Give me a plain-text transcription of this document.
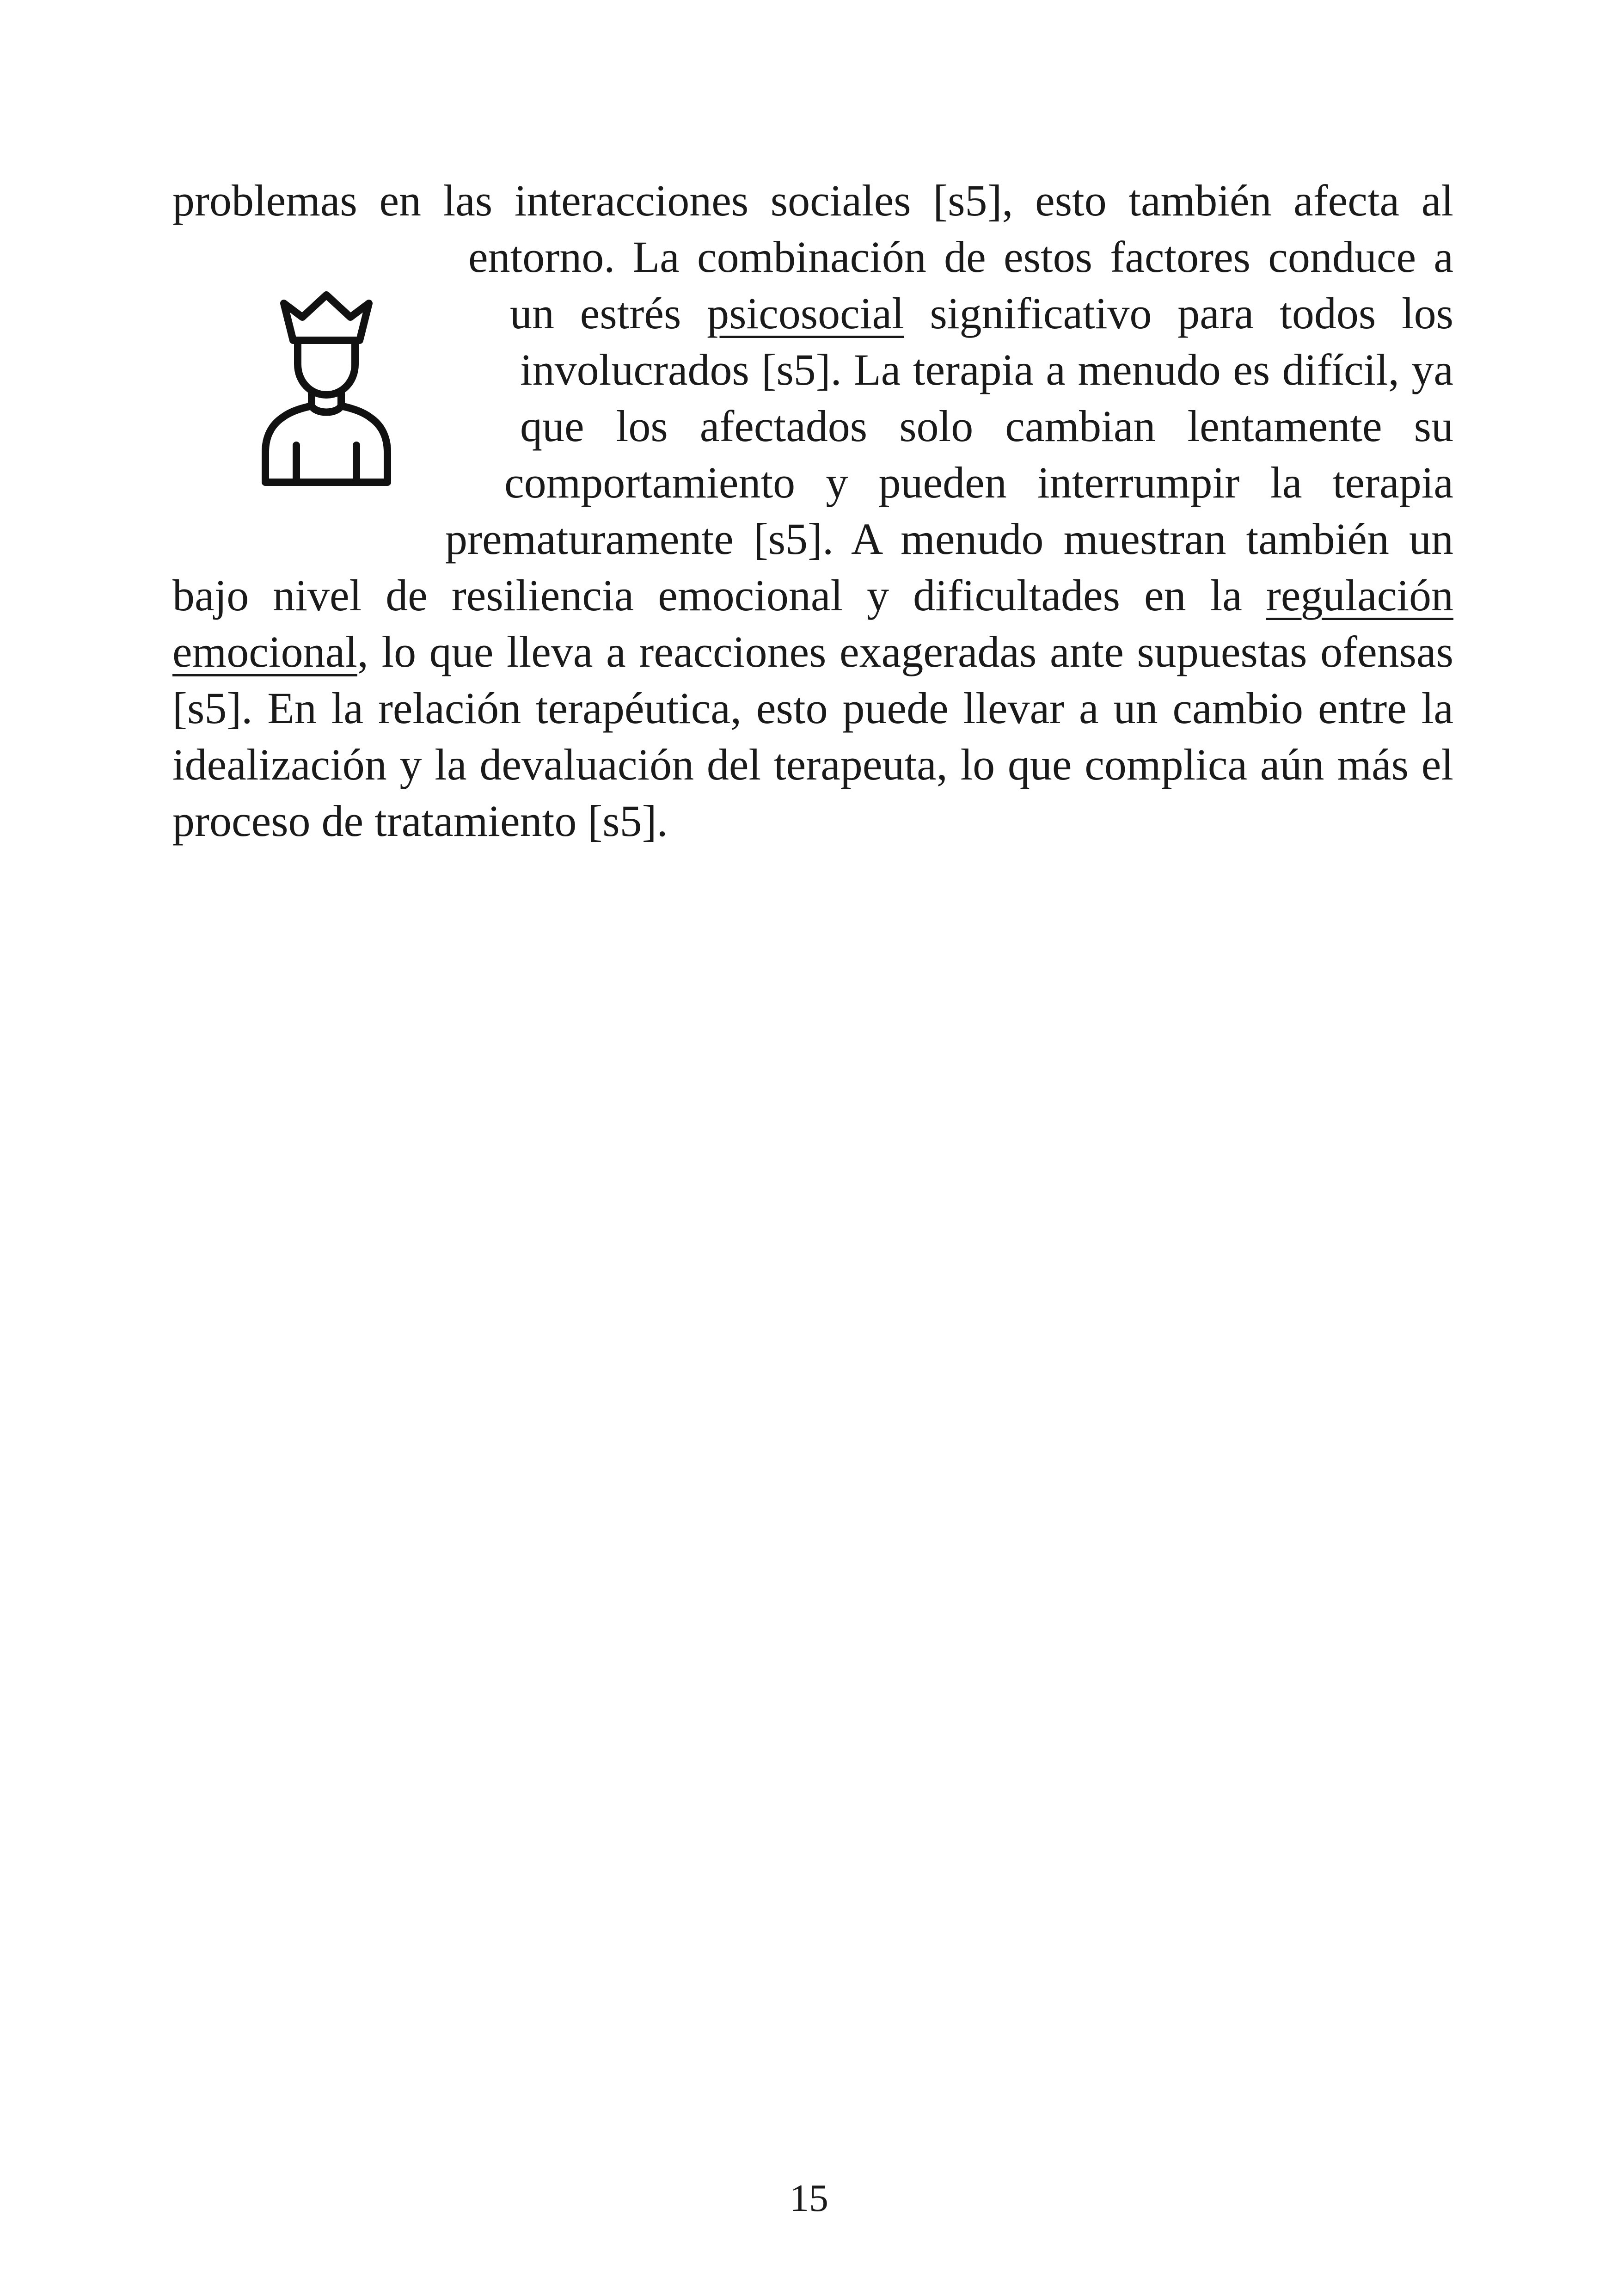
problemas en las interacciones sociales [s5], esto también afecta al
entorno. La combinación de estos factores conduce a
un estrés psicosocial significativo para todos los
involucrados [s5]. La terapia a menudo es difícil, ya
que los afectados solo cambian lentamente su
comportamiento y pueden interrumpir la terapia
prematuramente [s5]. A menudo muestran también un
bajo nivel de resiliencia emocional y dificultades en la regulación
emocional, lo que lleva a reacciones exageradas ante supuestas ofensas
[s5]. En la relación terapéutica, esto puede llevar a un cambio entre la
idealización y la devaluación del terapeuta, lo que complica aún más el
proceso de tratamiento [s5].
15
